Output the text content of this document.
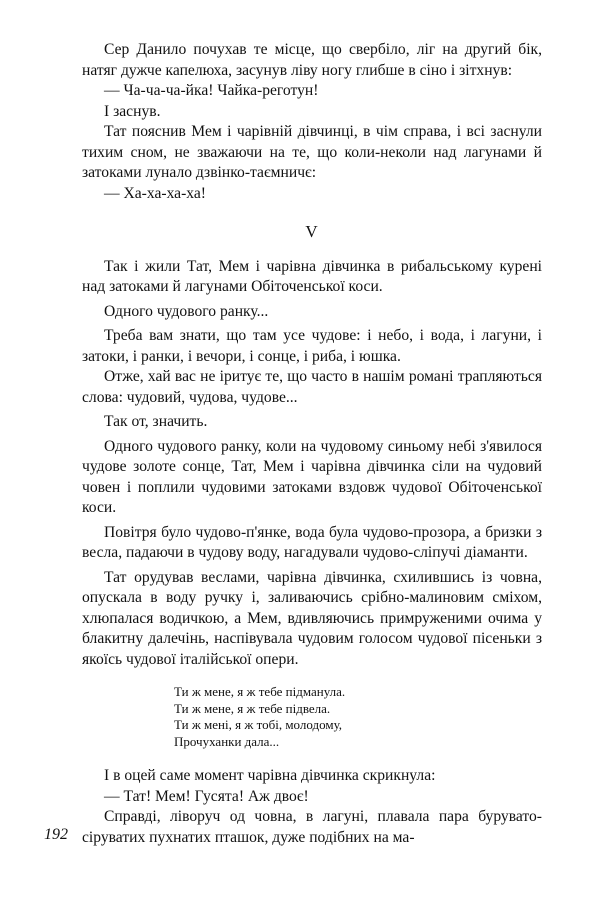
Сер Данило почухав те місце, що свербіло, ліг на другий бік, натяг дужче капелюха, засунув ліву ногу глибше в сіно і зітхнув:

— Ча-ча-ча-йка! Чайка-реготун!

І заснув.

Тат пояснив Мем і чарівній дівчинці, в чім справа, і всі заснули тихим сном, не зважаючи на те, що коли-неколи над лагунами й затоками лунало дзвінко-таємничє:

— Ха-ха-ха-ха!

V

Так і жили Тат, Мем і чарівна дівчинка в рибальському курені над затоками й лагунами Обіточенської коси.

Одного чудового ранку...

Треба вам знати, що там усе чудове: і небо, і вода, і лагуни, і затоки, і ранки, і вечори, і сонце, і риба, і юшка.

Отже, хай вас не іритує те, що часто в нашім романі трапляються слова: чудовий, чудова, чудове...

Так от, значить.

Одного чудового ранку, коли на чудовому синьому небі з'явилося чудове золоте сонце, Тат, Мем і чарівна дівчинка сіли на чудовий човен і поплили чудовими затоками вздовж чудової Обіточенської коси.

Повітря було чудово-п'янке, вода була чудово-прозора, а бризки з весла, падаючи в чудову воду, нагадували чудово-сліпучі діаманти.

Тат орудував веслами, чарівна дівчинка, схилившись із човна, опускала в воду ручку і, заливаючись срібно-малиновим сміхом, хлюпалася водичкою, а Мем, вдивляючись примруженими очима у блакитну далечінь, наспівувала чудовим голосом чудової пісеньки з якоїсь чудової італійської опери.

Ти ж мене, я ж тебе підманула.
Ти ж мене, я ж тебе підвела.
Ти ж мені, я ж тобі, молодому,
Прочуханки дала...

І в оцей саме момент чарівна дівчинка скрикнула:

— Тат! Мем! Гусята! Аж двоє!

Справді, ліворуч од човна, в лагуні, плавала пара бурувато-сіруватих пухнатих пташок, дуже подібних на ма-

192
